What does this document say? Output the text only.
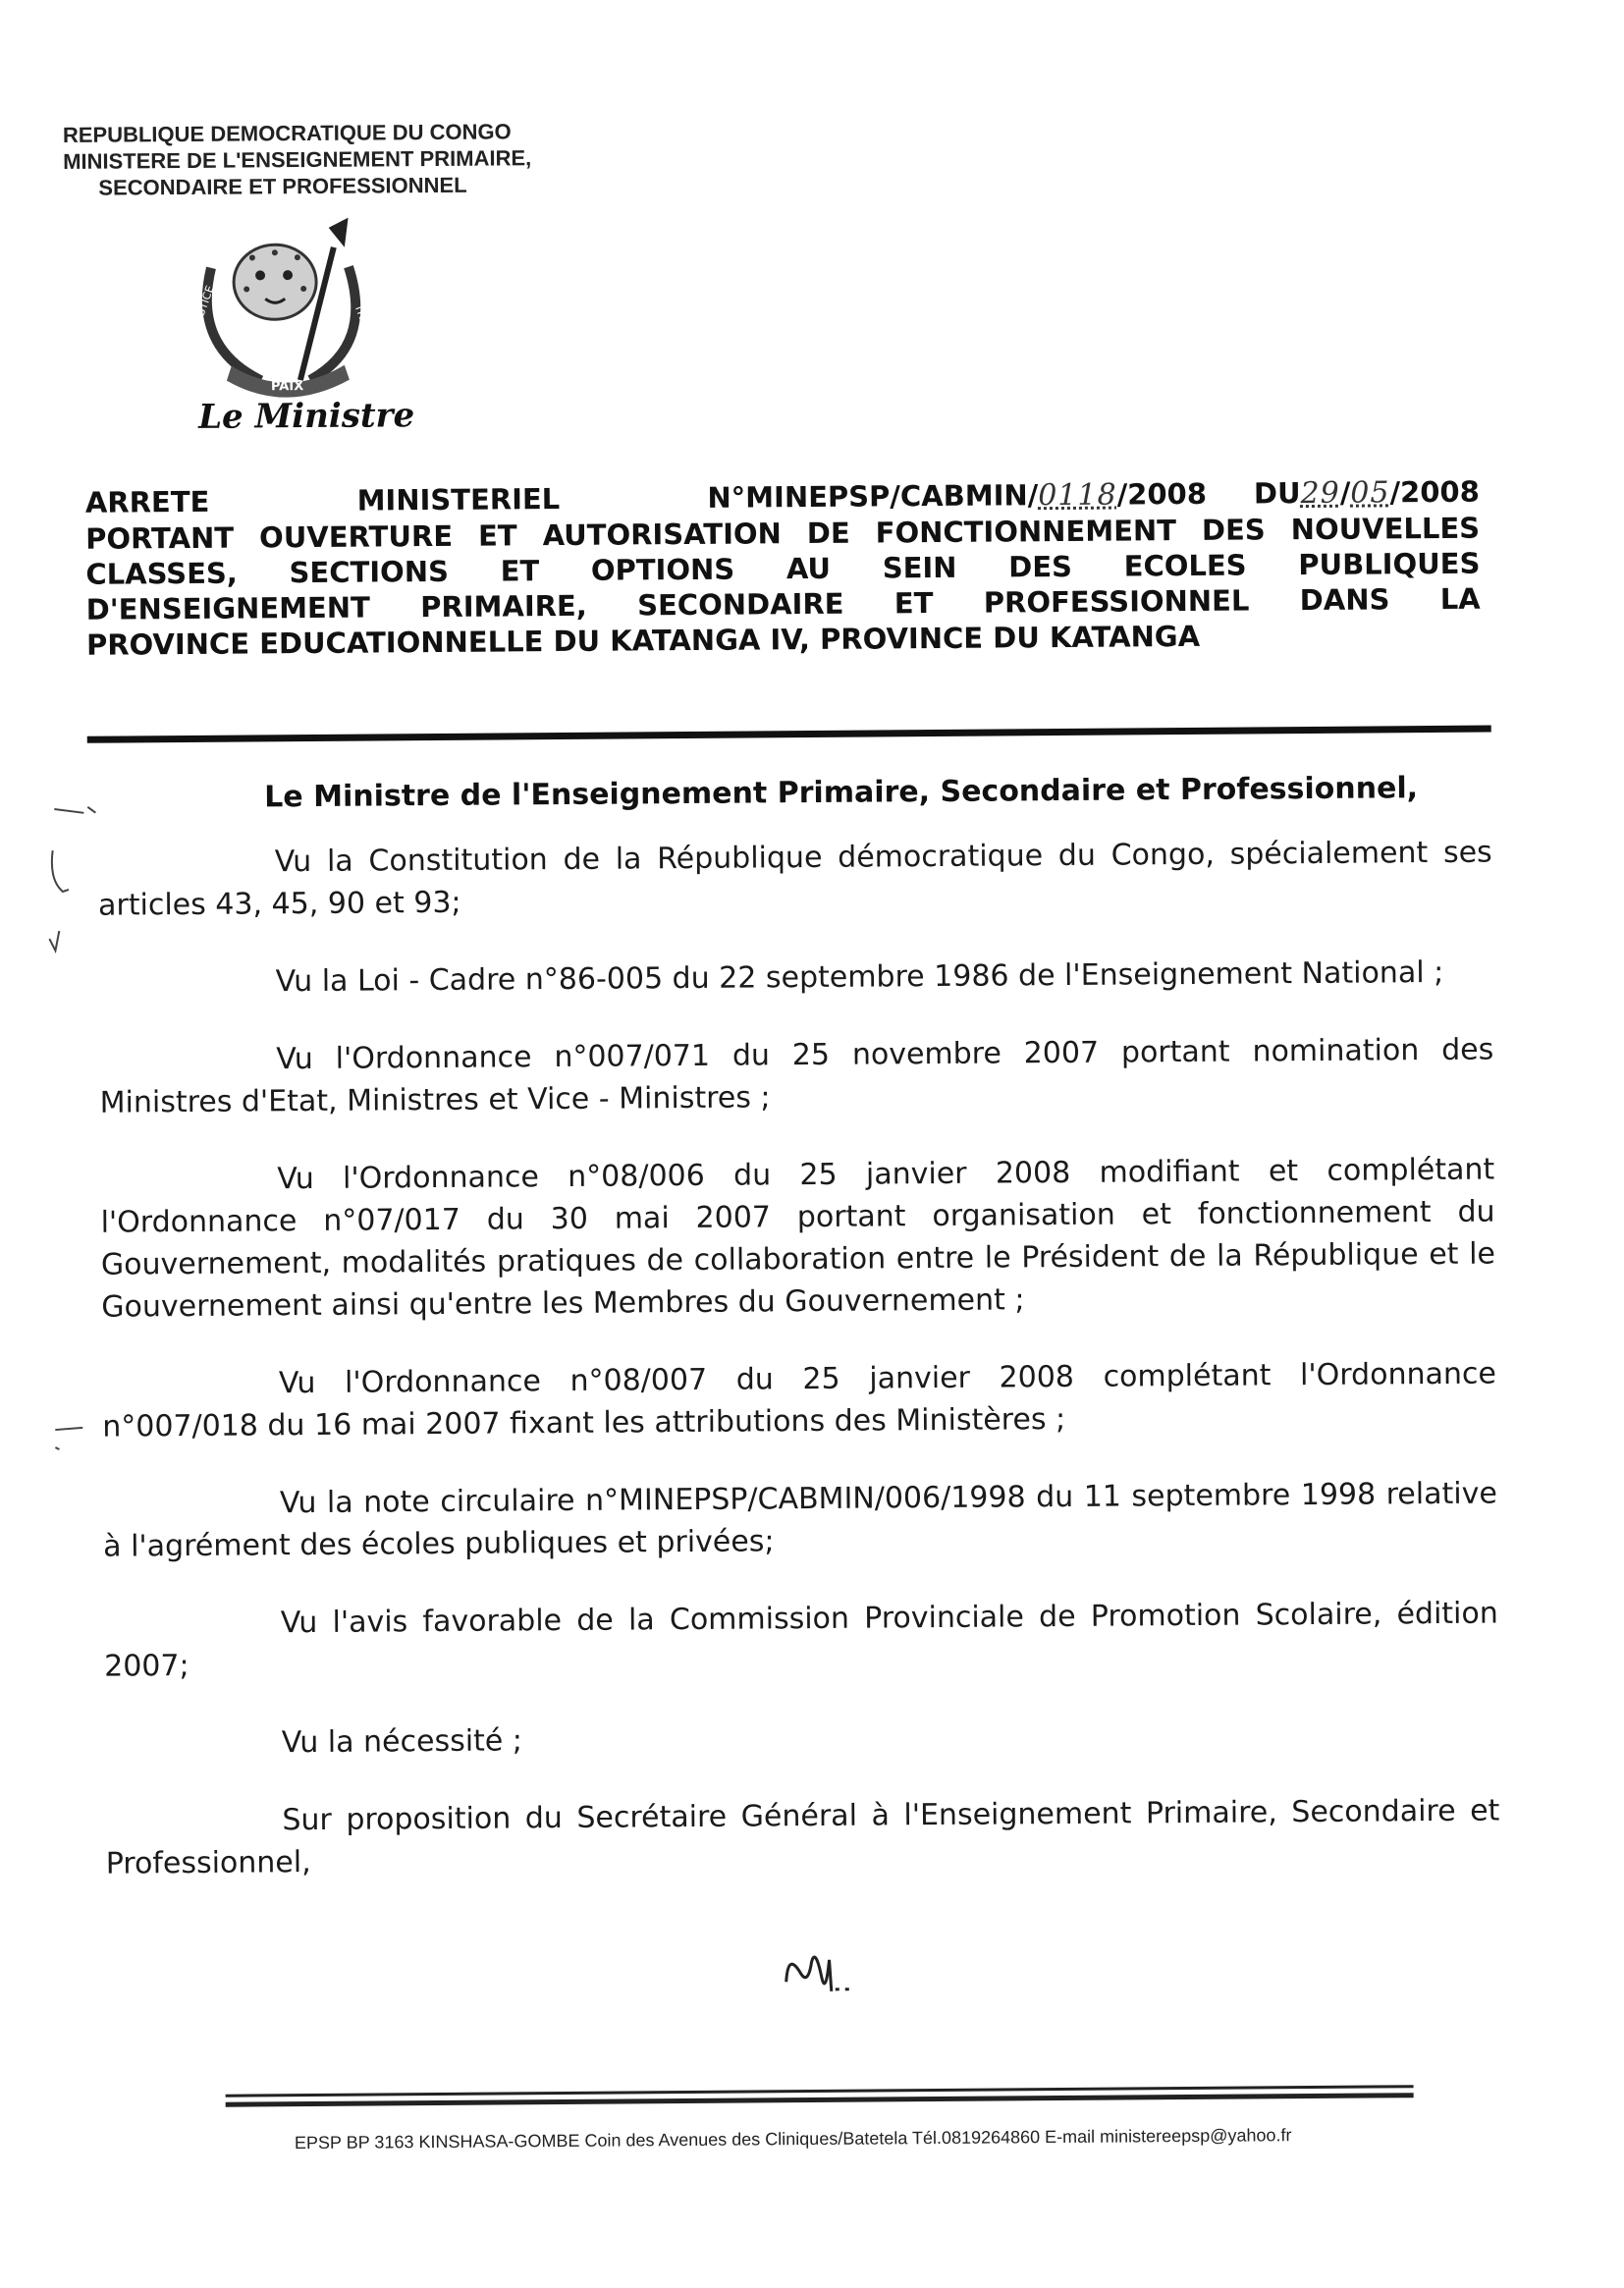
REPUBLIQUE DEMOCRATIQUE DU CONGO
MINISTERE DE L'ENSEIGNEMENT PRIMAIRE,
SECONDAIRE ET PROFESSIONNEL
JUSTICE
PAIX
TRAVAIL
Le Ministre
ARRETE	MINISTERIEL	N°MINEPSP/CABMIN/0118/2008 DU29/05/2008
PORTANT OUVERTURE ET AUTORISATION DE FONCTIONNEMENT DES NOUVELLES
CLASSES, SECTIONS ET OPTIONS AU SEIN DES ECOLES PUBLIQUES
D'ENSEIGNEMENT PRIMAIRE, SECONDAIRE ET PROFESSIONNEL DANS LA
PROVINCE EDUCATIONNELLE DU KATANGA IV, PROVINCE DU KATANGA
Le Ministre de l'Enseignement Primaire, Secondaire et Professionnel,
Vu la Constitution de la République démocratique du Congo, spécialement ses articles 43, 45, 90 et 93;
Vu la Loi - Cadre n°86-005 du 22 septembre 1986 de l'Enseignement National ;
Vu l'Ordonnance n°007/071 du 25 novembre 2007 portant nomination des Ministres d'Etat, Ministres et Vice - Ministres ;
Vu l'Ordonnance n°08/006 du 25 janvier 2008 modifiant et complétant l'Ordonnance n°07/017 du 30 mai 2007 portant organisation et fonctionnement du Gouvernement, modalités pratiques de collaboration entre le Président de la République et le Gouvernement ainsi qu'entre les Membres du Gouvernement ;
Vu l'Ordonnance n°08/007 du 25 janvier 2008 complétant l'Ordonnance n°007/018 du 16 mai 2007 fixant les attributions des Ministères ;
Vu la note circulaire n°MINEPSP/CABMIN/006/1998 du 11 septembre 1998 relative à l'agrément des écoles publiques et privées;
Vu l'avis favorable de la Commission Provinciale de Promotion Scolaire, édition 2007;
Vu la nécessité ;
Sur proposition du Secrétaire Général à l'Enseignement Primaire, Secondaire et Professionnel,
EPSP BP 3163 KINSHASA-GOMBE Coin des Avenues des Cliniques/Batetela Tél.0819264860 E-mail ministereepsp@yahoo.fr
